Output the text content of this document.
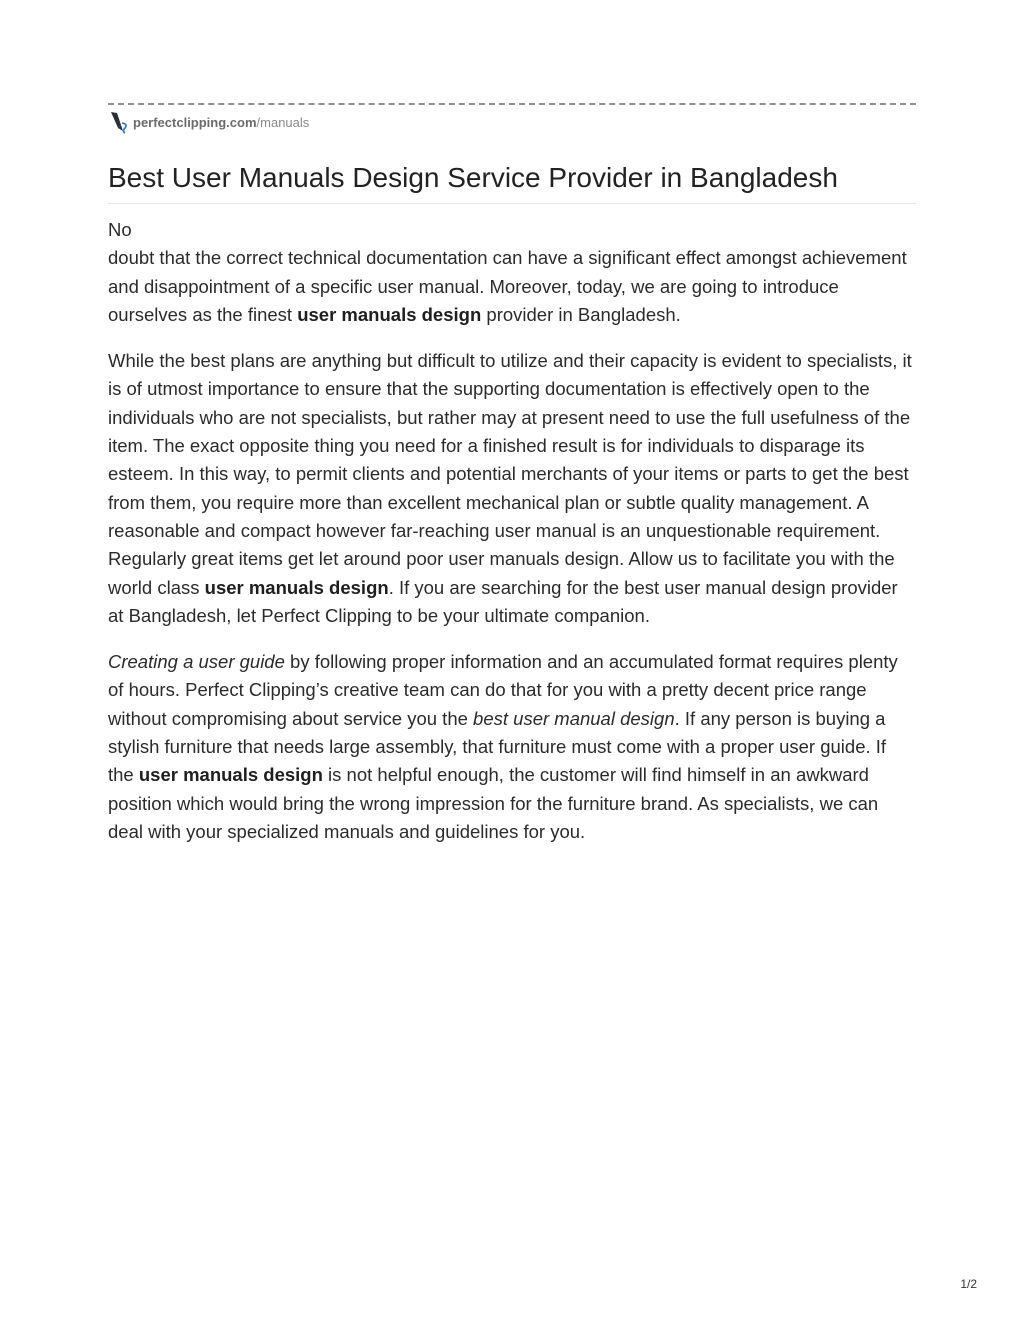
perfectclipping.com /manuals
Best User Manuals Design Service Provider in Bangladesh

No
doubt that the correct technical documentation can have a significant effect amongst achievement and disappointment of a specific user manual. Moreover, today, we are going to introduce ourselves as the finest user manuals design provider in Bangladesh.

While the best plans are anything but difficult to utilize and their capacity is evident to specialists, it is of utmost importance to ensure that the supporting documentation is effectively open to the individuals who are not specialists, but rather may at present need to use the full usefulness of the item. The exact opposite thing you need for a finished result is for individuals to disparage its esteem. In this way, to permit clients and potential merchants of your items or parts to get the best from them, you require more than excellent mechanical plan or subtle quality management. A reasonable and compact however far-reaching user manual is an unquestionable requirement. Regularly great items get let around poor user manuals design. Allow us to facilitate you with the world class user manuals design. If you are searching for the best user manual design provider at Bangladesh, let Perfect Clipping to be your ultimate companion.

Creating a user guide by following proper information and an accumulated format requires plenty of hours. Perfect Clipping’s creative team can do that for you with a pretty decent price range without compromising about service you the best user manual design. If any person is buying a stylish furniture that needs large assembly, that furniture must come with a proper user guide. If the user manuals design is not helpful enough, the customer will find himself in an awkward position which would bring the wrong impression for the furniture brand. As specialists, we can deal with your specialized manuals and guidelines for you.

1/2
